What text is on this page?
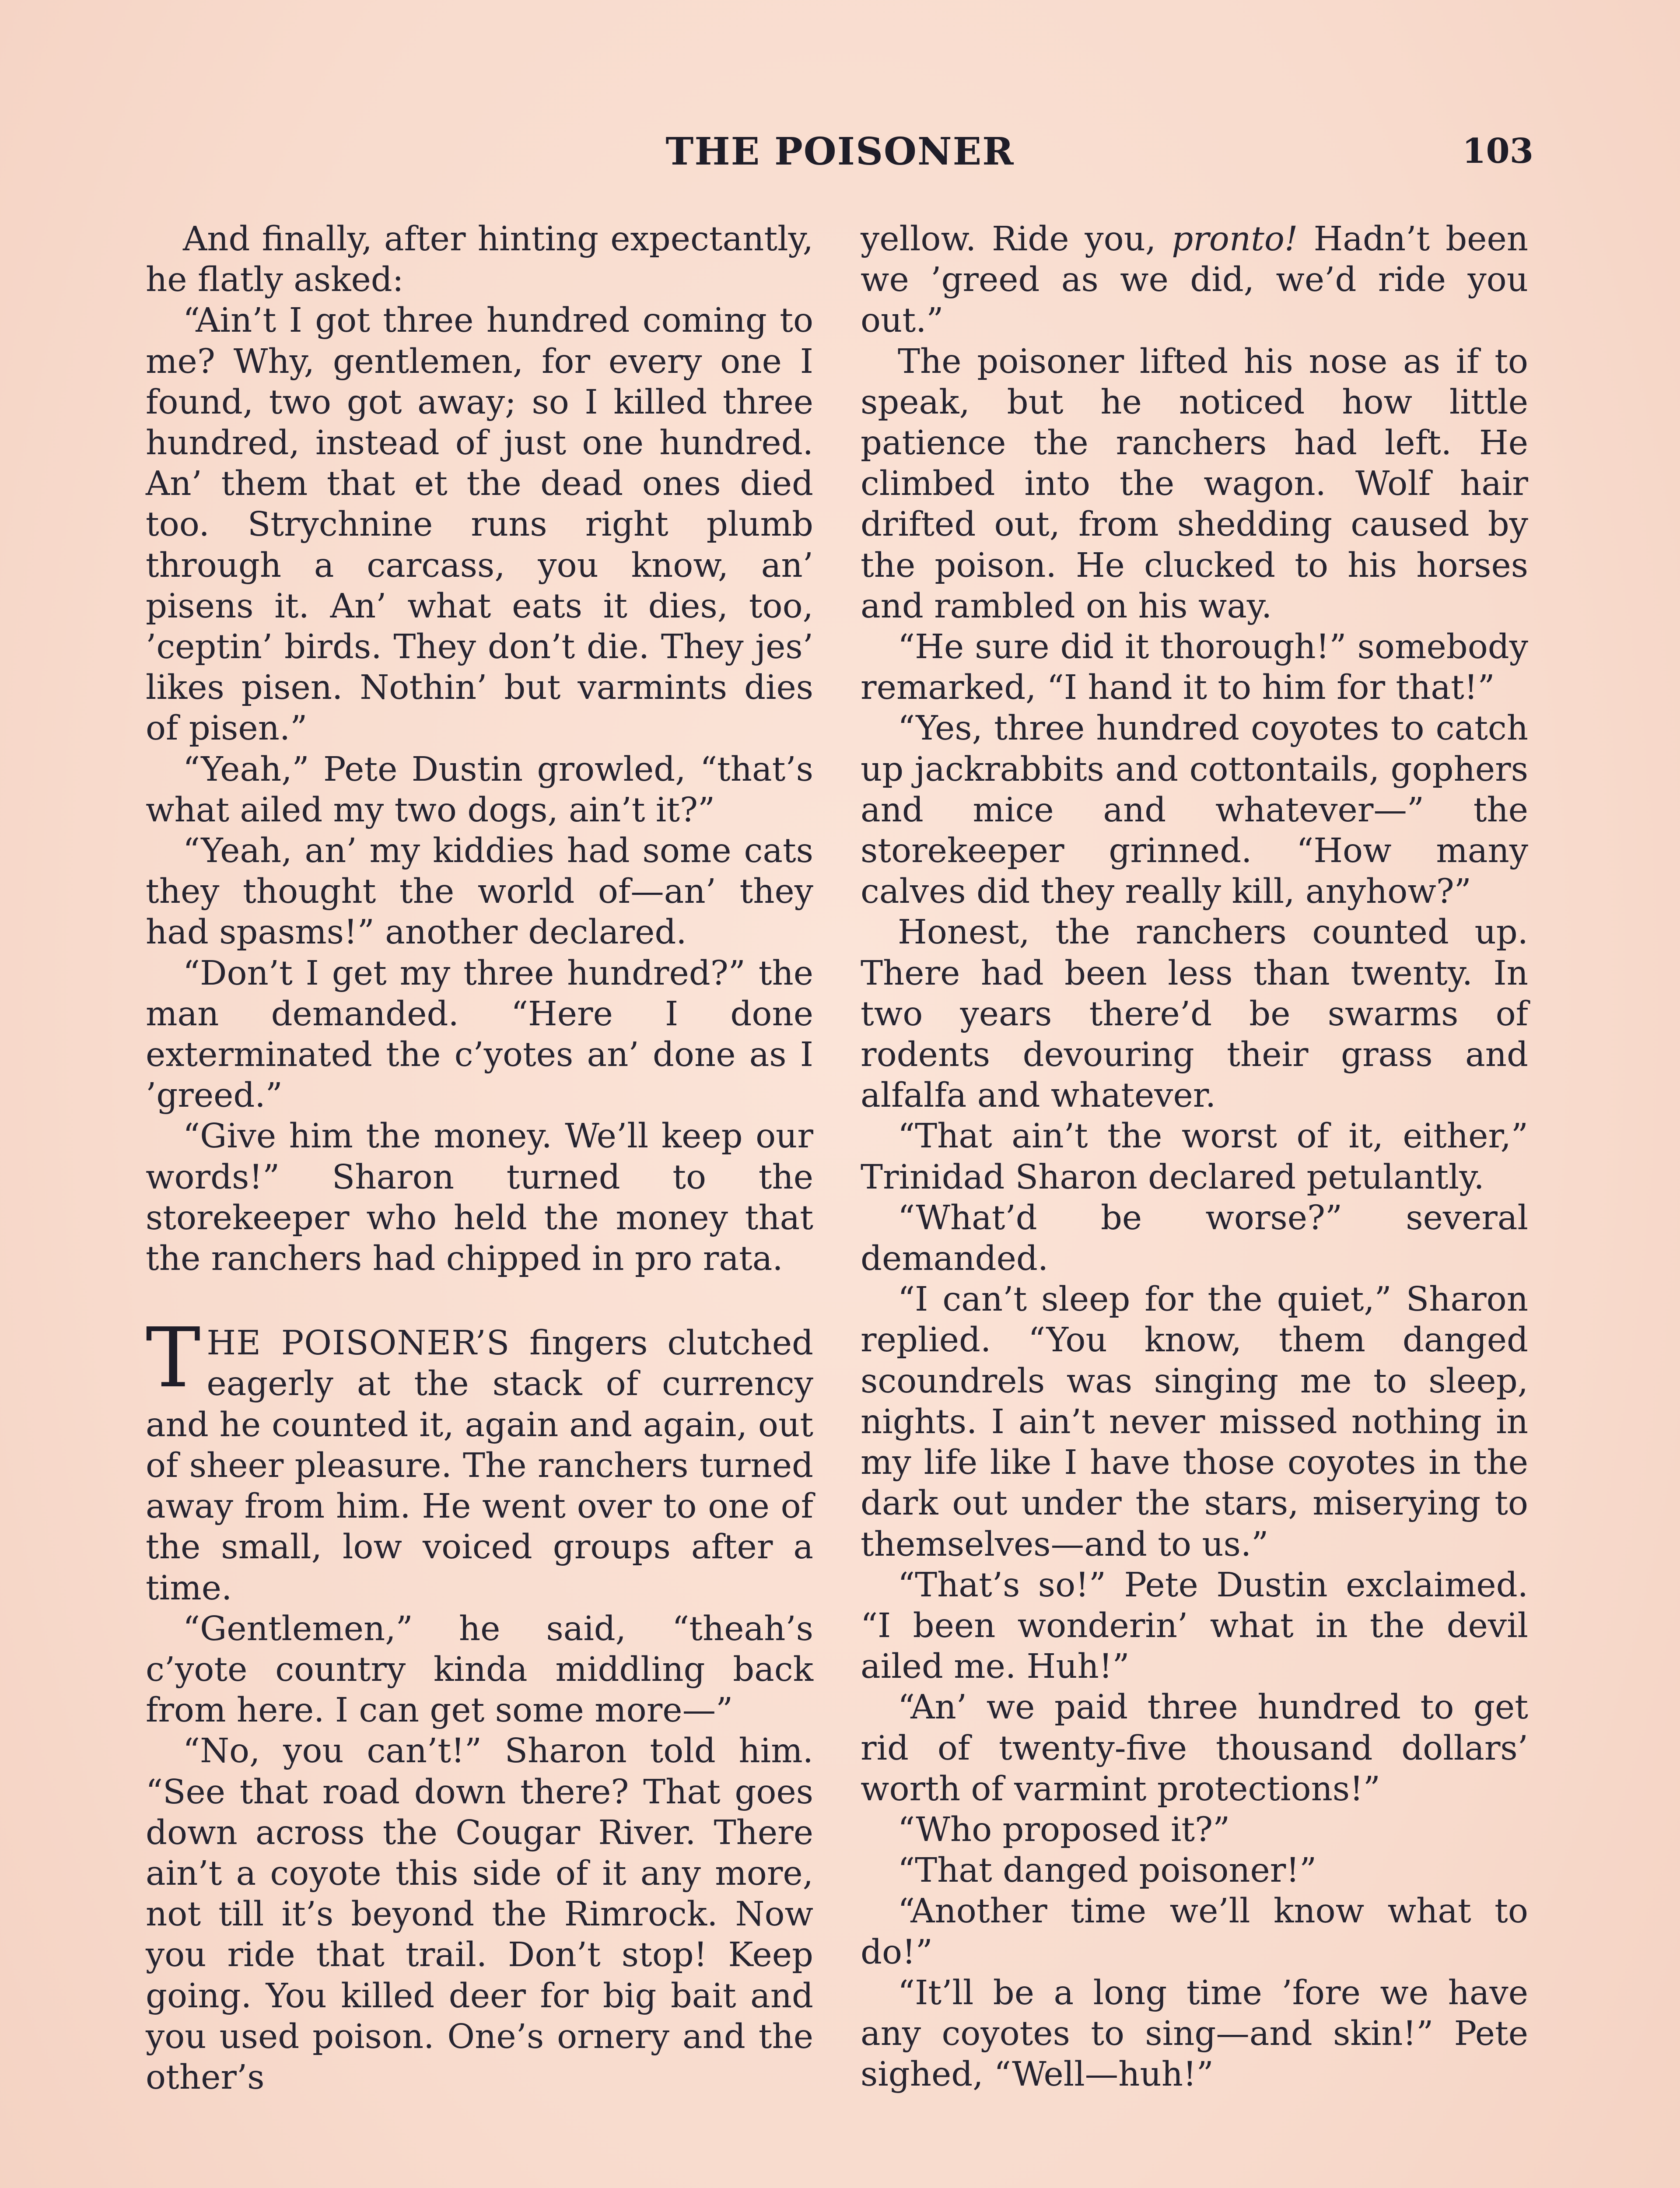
THE POISONER	103

And finally, after hinting expectantly, he flatly asked:

“Ain’t I got three hundred coming to me? Why, gentlemen, for every one I found, two got away; so I killed three hundred, instead of just one hundred. An’ them that et the dead ones died too. Strychnine runs right plumb through a carcass, you know, an’ pisens it. An’ what eats it dies, too, ’ceptin’ birds. They don’t die. They jes’ likes pisen. Nothin’ but varmints dies of pisen.”

“Yeah,” Pete Dustin growled, “that’s what ailed my two dogs, ain’t it?”

“Yeah, an’ my kiddies had some cats they thought the world of—an’ they had spasms!” another declared.

“Don’t I get my three hundred?” the man demanded. “Here I done exterminated the c’yotes an’ done as I ’greed.”

“Give him the money. We’ll keep our words!” Sharon turned to the storekeeper who held the money that the ranchers had chipped in pro rata.

THE POISONER’S fingers clutched eagerly at the stack of currency and he counted it, again and again, out of sheer pleasure. The ranchers turned away from him. He went over to one of the small, low voiced groups after a time.

“Gentlemen,” he said, “theah’s c’yote country kinda middling back from here. I can get some more—”

“No, you can’t!” Sharon told him. “See that road down there? That goes down across the Cougar River. There ain’t a coyote this side of it any more, not till it’s beyond the Rimrock. Now you ride that trail. Don’t stop! Keep going. You killed deer for big bait and you used poison. One’s ornery and the other’s

yellow. Ride you, pronto! Hadn’t been we ’greed as we did, we’d ride you out.”

The poisoner lifted his nose as if to speak, but he noticed how little patience the ranchers had left. He climbed into the wagon. Wolf hair drifted out, from shedding caused by the poison. He clucked to his horses and rambled on his way.

“He sure did it thorough!” somebody remarked, “I hand it to him for that!”

“Yes, three hundred coyotes to catch up jackrabbits and cottontails, gophers and mice and whatever—” the storekeeper grinned. “How many calves did they really kill, anyhow?”

Honest, the ranchers counted up. There had been less than twenty. In two years there’d be swarms of rodents devouring their grass and alfalfa and whatever.

“That ain’t the worst of it, either,” Trinidad Sharon declared petulantly.

“What’d be worse?” several demanded.

“I can’t sleep for the quiet,” Sharon replied. “You know, them danged scoundrels was singing me to sleep, nights. I ain’t never missed nothing in my life like I have those coyotes in the dark out under the stars, miserying to themselves—and to us.”

“That’s so!” Pete Dustin exclaimed. “I been wonderin’ what in the devil ailed me. Huh!”

“An’ we paid three hundred to get rid of twenty-five thousand dollars’ worth of varmint protections!”

“Who proposed it?”

“That danged poisoner!”

“Another time we’ll know what to do!”

“It’ll be a long time ’fore we have any coyotes to sing—and skin!” Pete sighed, “Well—huh!”
